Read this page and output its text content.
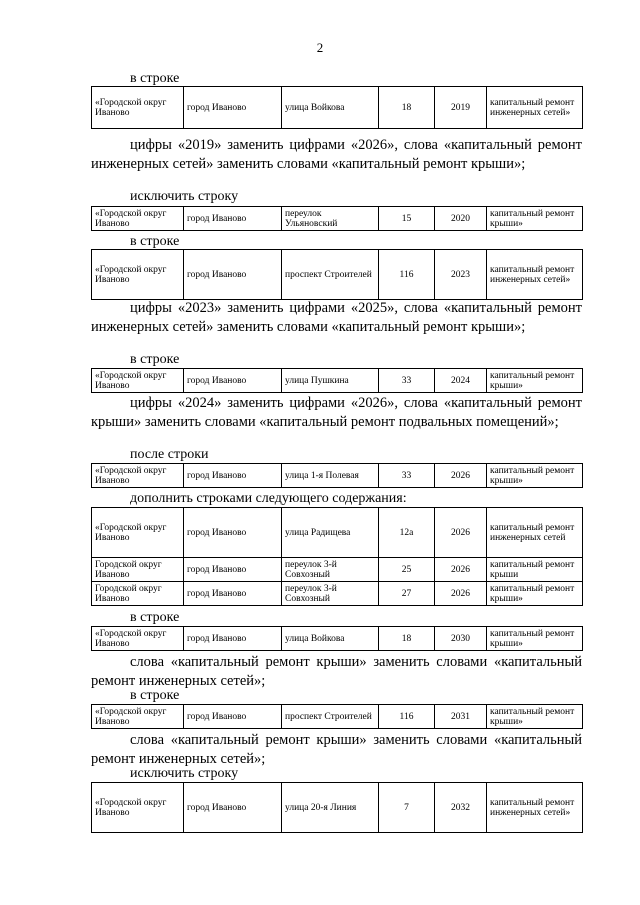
2
в строке
исключить строку
в строке
в строке
после строки
дополнить строками следующего содержания:
в строке
в строке
исключить строку
цифры «2019» заменить цифрами «2026», слова «капитальный ремонт инженерных сетей» заменить словами «капитальный ремонт крыши»;
цифры «2023» заменить цифрами «2025», слова «капитальный ремонт инженерных сетей» заменить словами «капитальный ремонт крыши»;
цифры «2024» заменить цифрами «2026», слова «капитальный ремонт крыши» заменить словами «капитальный ремонт подвальных помещений»;
слова «капитальный ремонт крыши» заменить словами «капитальный ремонт инженерных сетей»;
слова «капитальный ремонт крыши» заменить словами «капитальный ремонт инженерных сетей»;
«Городской округ Иваново	город Иваново	улица Войкова	18	2019	капитальный ремонт инженерных сетей»
«Городской округ Иваново	город Иваново	переулок Ульяновский	15	2020	капитальный ремонт крыши»
«Городской округ Иваново	город Иваново	проспект Строителей	116	2023	капитальный ремонт инженерных сетей»
«Городской округ Иваново	город Иваново	улица Пушкина	33	2024	капитальный ремонт крыши»
«Городской округ Иваново	город Иваново	улица 1-я Полевая	33	2026	капитальный ремонт крыши»
«Городской округ Иваново	город Иваново	улица Радищева	12а	2026	капитальный ремонт инженерных сетей
Городской округ Иваново	город Иваново	переулок 3-й Совхозный	25	2026	капитальный ремонт крыши
Городской округ Иваново	город Иваново	переулок 3-й Совхозный	27	2026	капитальный ремонт крыши»
«Городской округ Иваново	город Иваново	улица Войкова	18	2030	капитальный ремонт крыши»
«Городской округ Иваново	город Иваново	проспект Строителей	116	2031	капитальный ремонт крыши»
«Городской округ Иваново	город Иваново	улица 20-я Линия	7	2032	капитальный ремонт инженерных сетей»
